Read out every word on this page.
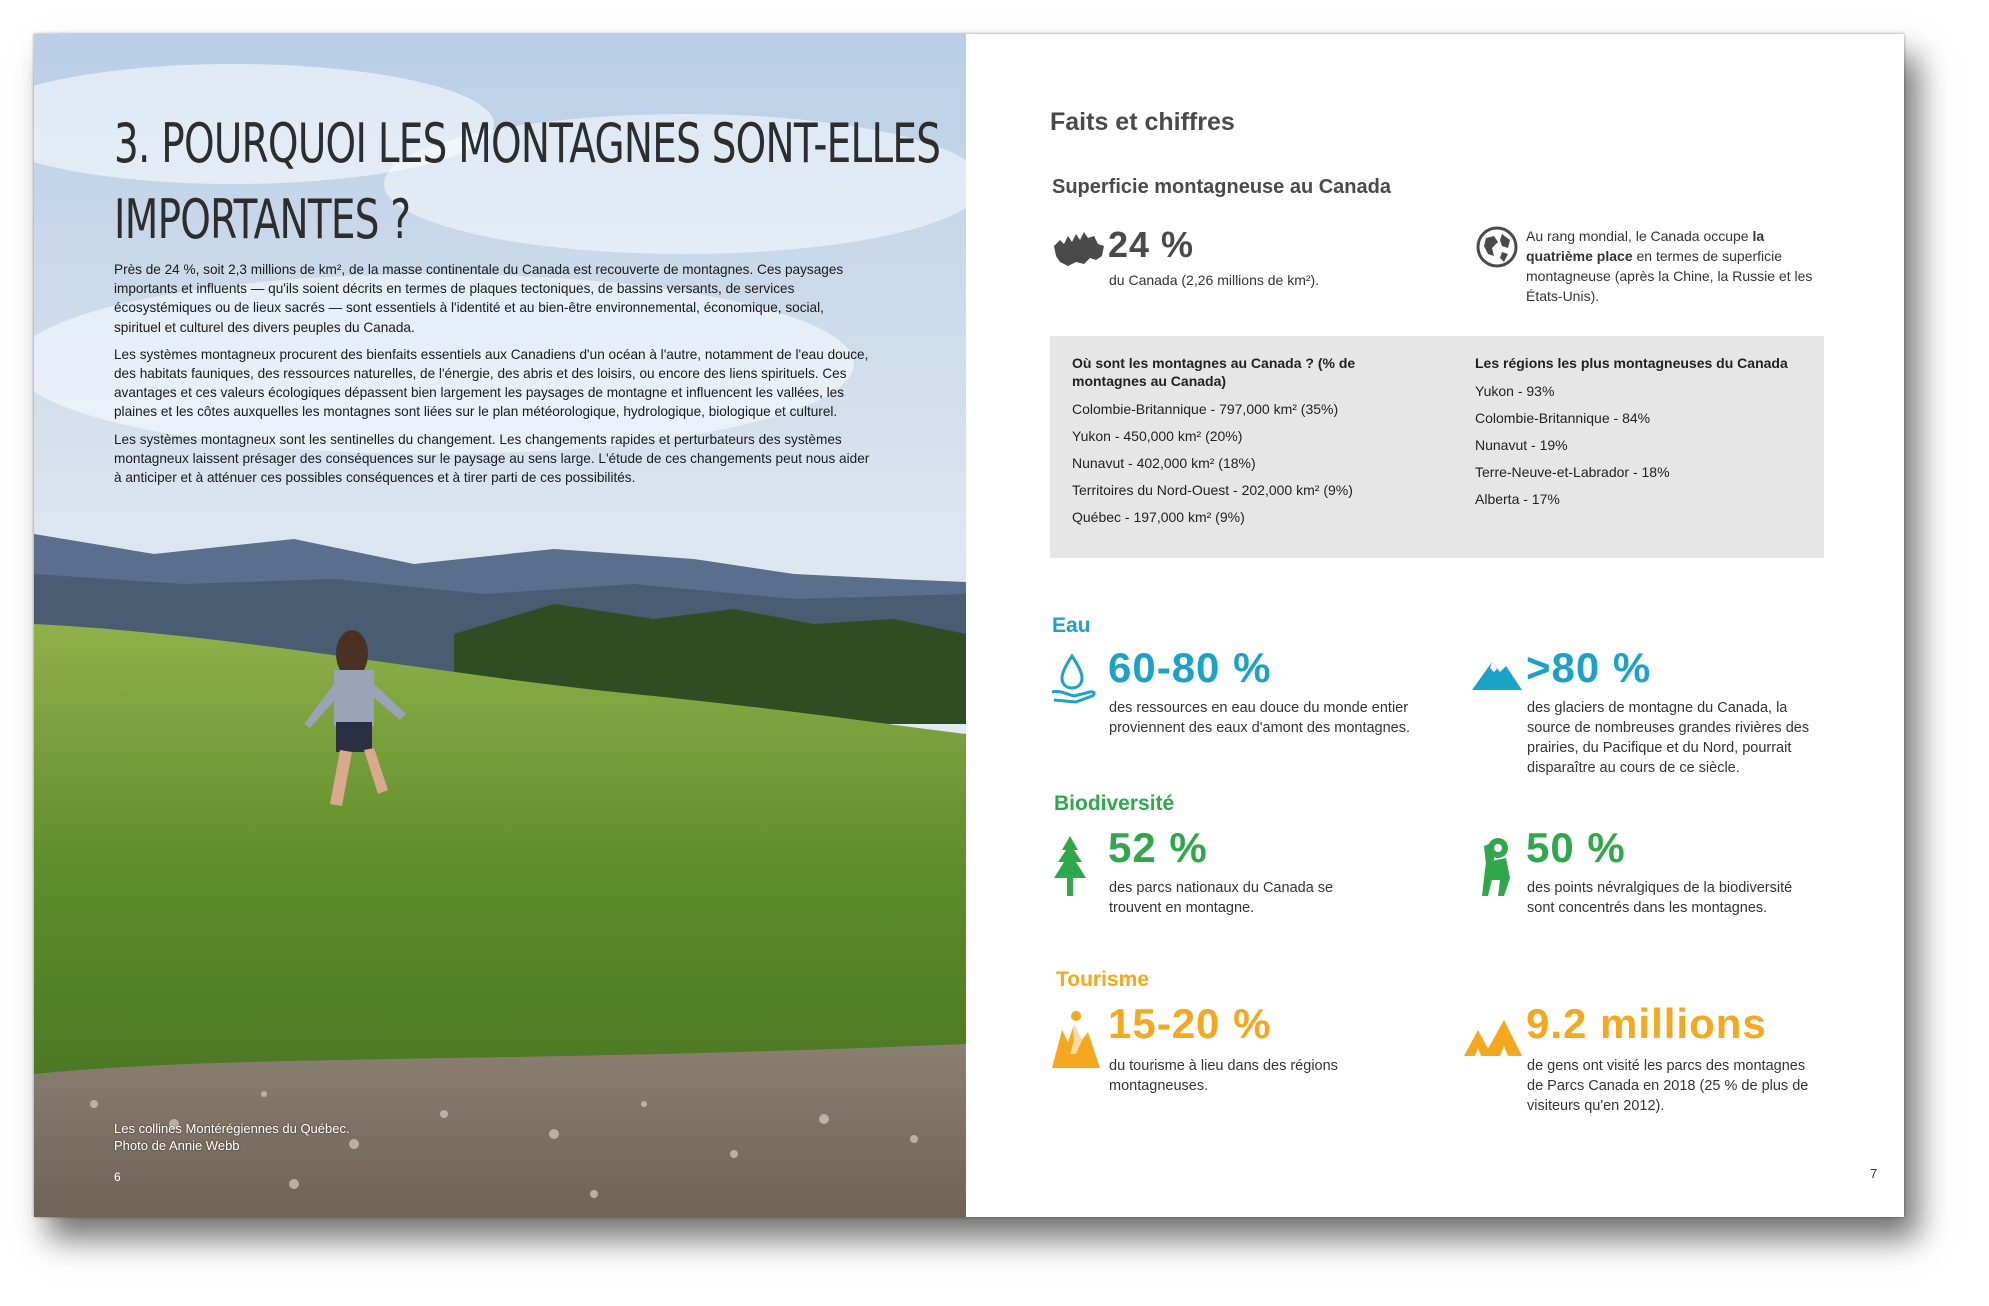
3. POURQUOI LES MONTAGNES SONT-ELLES
IMPORTANTES ?

Près de 24 %, soit 2,3 millions de km², de la masse continentale du Canada est recouverte de montagnes. Ces paysages importants et influents — qu'ils soient décrits en termes de plaques tectoniques, de bassins versants, de services écosystémiques ou de lieux sacrés — sont essentiels à l'identité et au bien-être environnemental, économique, social, spirituel et culturel des divers peuples du Canada.

Les systèmes montagneux procurent des bienfaits essentiels aux Canadiens d'un océan à l'autre, notamment de l'eau douce, des habitats fauniques, des ressources naturelles, de l'énergie, des abris et des loisirs, ou encore des liens spirituels. Ces avantages et ces valeurs écologiques dépassent bien largement les paysages de montagne et influencent les vallées, les plaines et les côtes auxquelles les montagnes sont liées sur le plan météorologique, hydrologique, biologique et culturel.

Les systèmes montagneux sont les sentinelles du changement. Les changements rapides et perturbateurs des systèmes montagneux laissent présager des conséquences sur le paysage au sens large. L'étude de ces changements peut nous aider à anticiper et à atténuer ces possibles conséquences et à tirer parti de ces possibilités.

Les collines Montérégiennes du Québec.
Photo de Annie Webb
6
Faits et chiffres
Superficie montagneuse au Canada
24 %
du Canada (2,26 millions de km²).
Au rang mondial, le Canada occupe la quatrième place en termes de superficie montagneuse (après la Chine, la Russie et les États-Unis).
Où sont les montagnes au Canada ? (% de montagnes au Canada)
Colombie-Britannique - 797,000 km² (35%)
Yukon - 450,000 km² (20%)
Nunavut - 402,000 km² (18%)
Territoires du Nord-Ouest - 202,000 km² (9%)
Québec - 197,000 km² (9%)
Les régions les plus montagneuses du Canada
Yukon - 93%
Colombie-Britannique - 84%
Nunavut - 19%
Terre-Neuve-et-Labrador - 18%
Alberta - 17%
Eau
60-80 %
des ressources en eau douce du monde entier proviennent des eaux d'amont des montagnes.
>80 %
des glaciers de montagne du Canada, la source de nombreuses grandes rivières des prairies, du Pacifique et du Nord, pourrait disparaître au cours de ce siècle.
Biodiversité
52 %
des parcs nationaux du Canada se trouvent en montagne.
50 %
des points névralgiques de la biodiversité sont concentrés dans les montagnes.
Tourisme
15-20 %
du tourisme à lieu dans des régions montagneuses.
9.2 millions
de gens ont visité les parcs des montagnes de Parcs Canada en 2018 (25 % de plus de visiteurs qu'en 2012).
7
